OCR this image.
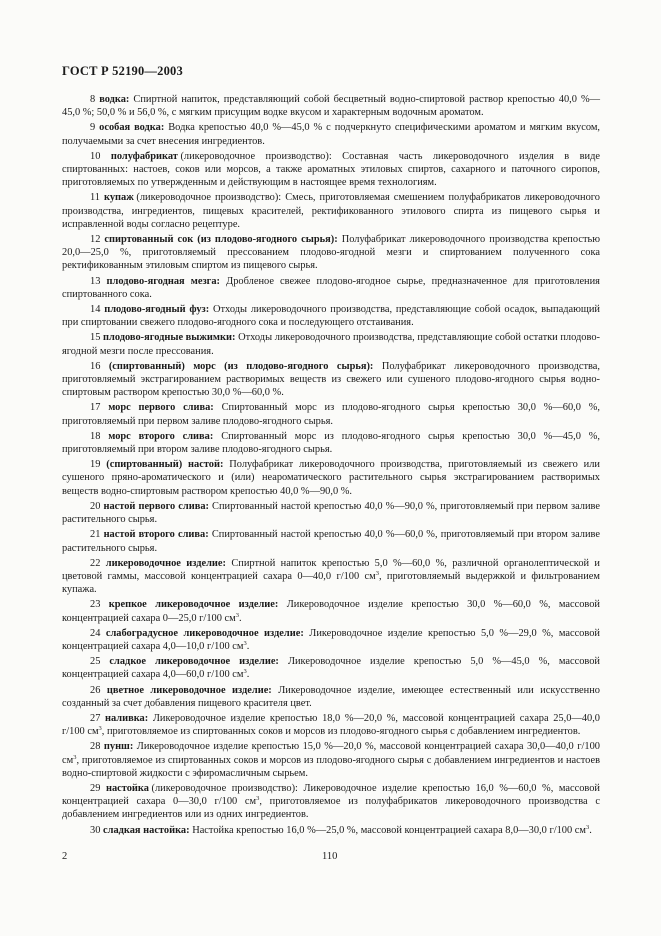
ГОСТ Р 52190—2003

8 водка: Спиртной напиток, представляющий собой бесцветный водно-спиртовой раствор крепостью 40,0 %—45,0 %; 50,0 % и 56,0 %, с мягким присущим водке вкусом и характерным водочным ароматом.

9 особая водка: Водка крепостью 40,0 %—45,0 % с подчеркнуто специфическими ароматом и мягким вкусом, получаемыми за счет внесения ингредиентов.

10 полуфабрикат (ликероводочное производство): Составная часть ликероводочного изделия в виде спиртованных: настоев, соков или морсов, а также ароматных этиловых спиртов, сахарного и паточного сиропов, приготовляемых по утвержденным и действующим в настоящее время технологиям.

11 купаж (ликероводочное производство): Смесь, приготовляемая смешением полуфабрикатов ликероводочного производства, ингредиентов, пищевых красителей, ректификованного этилового спирта из пищевого сырья и исправленной воды согласно рецептуре.

12 спиртованный сок (из плодово-ягодного сырья): Полуфабрикат ликероводочного производства крепостью 20,0—25,0 %, приготовляемый прессованием плодово-ягодной мезги и спиртованием полученного сока ректификованным этиловым спиртом из пищевого сырья.

13 плодово-ягодная мезга: Дробленое свежее плодово-ягодное сырье, предназначенное для приготовления спиртованного сока.

14 плодово-ягодный фуз: Отходы ликероводочного производства, представляющие собой осадок, выпадающий при спиртовании свежего плодово-ягодного сока и последующего отстаивания.

15 плодово-ягодные выжимки: Отходы ликероводочного производства, представляющие собой остатки плодово-ягодной мезги после прессования.

16 (спиртованный) морс (из плодово-ягодного сырья): Полуфабрикат ликероводочного производства, приготовляемый экстрагированием растворимых веществ из свежего или сушеного плодово-ягодного сырья водно-спиртовым раствором крепостью 30,0 %—60,0 %.

17 морс первого слива: Спиртованный морс из плодово-ягодного сырья крепостью 30,0 %—60,0 %, приготовляемый при первом заливе плодово-ягодного сырья.

18 морс второго слива: Спиртованный морс из плодово-ягодного сырья крепостью 30,0 %—45,0 %, приготовляемый при втором заливе плодово-ягодного сырья.

19 (спиртованный) настой: Полуфабрикат ликероводочного производства, приготовляемый из свежего или сушеного пряно-ароматического и (или) неароматического растительного сырья экстрагированием растворимых веществ водно-спиртовым раствором крепостью 40,0 %—90,0 %.

20 настой первого слива: Спиртованный настой крепостью 40,0 %—90,0 %, приготовляемый при первом заливе растительного сырья.

21 настой второго слива: Спиртованный настой крепостью 40,0 %—60,0 %, приготовляемый при втором заливе растительного сырья.

22 ликероводочное изделие: Спиртной напиток крепостью 5,0 %—60,0 %, различной органолептической и цветовой гаммы, массовой концентрацией сахара 0—40,0 г/100 $см^3$, приготовляемый выдержкой и фильтрованием купажа.

23 крепкое ликероводочное изделие: Ликероводочное изделие крепостью 30,0 %—60,0 %, массовой концентрацией сахара 0—25,0 г/100 $см^3$.

24 слабоградусное ликероводочное изделие: Ликероводочное изделие крепостью 5,0 %—29,0 %, массовой концентрацией сахара 4,0—10,0 г/100 $см^3$.

25 сладкое ликероводочное изделие: Ликероводочное изделие крепостью 5,0 %—45,0 %, массовой концентрацией сахара 4,0—60,0 г/100 $см^3$.

26 цветное ликероводочное изделие: Ликероводочное изделие, имеющее естественный или искусственно созданный за счет добавления пищевого красителя цвет.

27 наливка: Ликероводочное изделие крепостью 18,0 %—20,0 %, массовой концентрацией сахара 25,0—40,0 г/100 $см^3$, приготовляемое из спиртованных соков и морсов из плодово-ягодного сырья с добавлением ингредиентов.

28 пунш: Ликероводочное изделие крепостью 15,0 %—20,0 %, массовой концентрацией сахара 30,0—40,0 г/100 $см^3$, приготовляемое из спиртованных соков и морсов из плодово-ягодного сырья с добавлением ингредиентов и настоев водно-спиртовой жидкости с эфиромасличным сырьем.

29 настойка (ликероводочное производство): Ликероводочное изделие крепостью 16,0 %—60,0 %, массовой концентрацией сахара 0—30,0 г/100 $см^3$, приготовляемое из полуфабрикатов ликероводочного производства с добавлением ингредиентов или из одних ингредиентов.

30 сладкая настойка: Настойка крепостью 16,0 %—25,0 %, массовой концентрацией сахара 8,0—30,0 г/100 $см^3$.

2	110
